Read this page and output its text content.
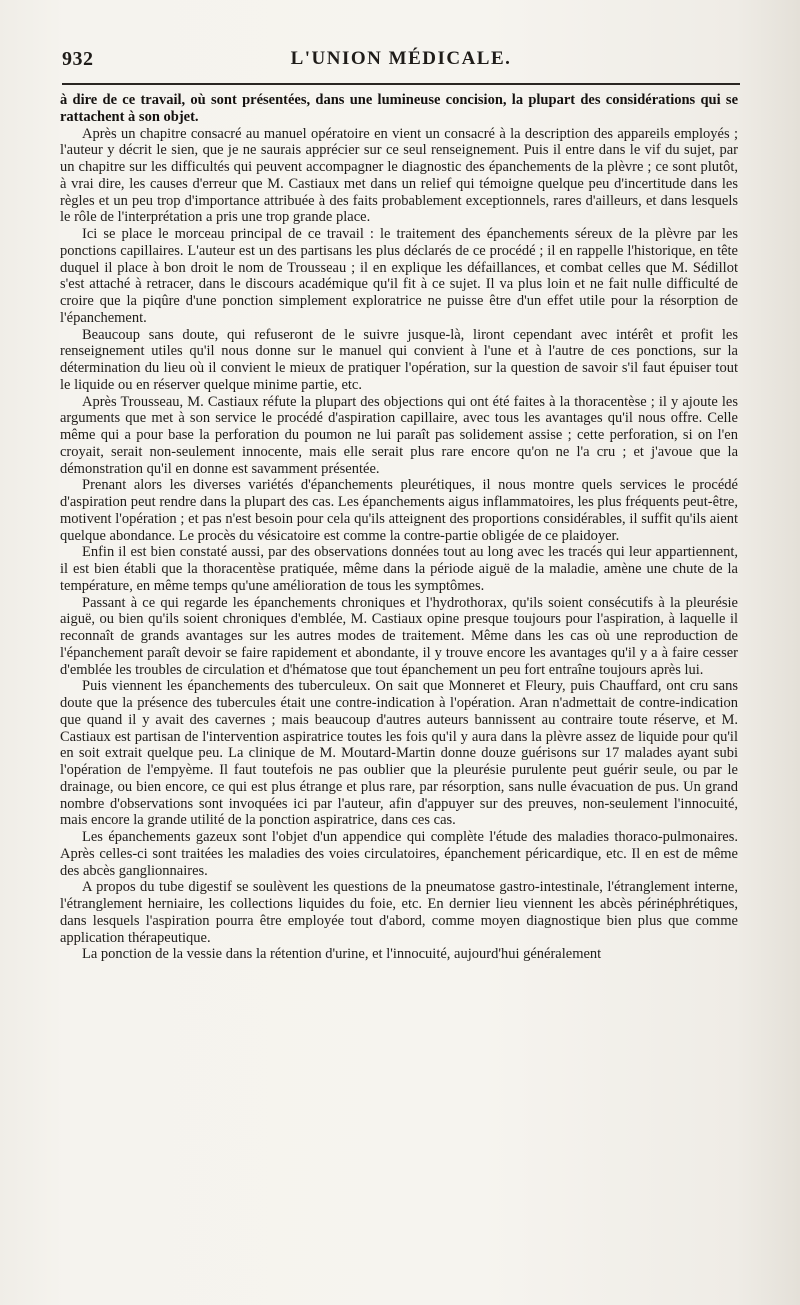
932	L'UNION MÉDICALE.

à dire de ce travail, où sont présentées, dans une lumineuse concision, la plupart des considérations qui se rattachent à son objet.

Après un chapitre consacré au manuel opératoire en vient un consacré à la description des appareils employés ; l'auteur y décrit le sien, que je ne saurais apprécier sur ce seul renseignement. Puis il entre dans le vif du sujet, par un chapitre sur les difficultés qui peuvent accompagner le diagnostic des épanchements de la plèvre ; ce sont plutôt, à vrai dire, les causes d'erreur que M. Castiaux met dans un relief qui témoigne quelque peu d'incertitude dans les règles et un peu trop d'importance attribuée à des faits probablement exceptionnels, rares d'ailleurs, et dans lesquels le rôle de l'interprétation a pris une trop grande place.

Ici se place le morceau principal de ce travail : le traitement des épanchements séreux de la plèvre par les ponctions capillaires. L'auteur est un des partisans les plus déclarés de ce procédé ; il en rappelle l'historique, en tête duquel il place à bon droit le nom de Trousseau ; il en explique les défaillances, et combat celles que M. Sédillot s'est attaché à retracer, dans le discours académique qu'il fit à ce sujet. Il va plus loin et ne fait nulle difficulté de croire que la piqûre d'une ponction simplement exploratrice ne puisse être d'un effet utile pour la résorption de l'épanchement.

Beaucoup sans doute, qui refuseront de le suivre jusque-là, liront cependant avec intérêt et profit les renseignement utiles qu'il nous donne sur le manuel qui convient à l'une et à l'autre de ces ponctions, sur la détermination du lieu où il convient le mieux de pratiquer l'opération, sur la question de savoir s'il faut épuiser tout le liquide ou en réserver quelque minime partie, etc.

Après Trousseau, M. Castiaux réfute la plupart des objections qui ont été faites à la thoracentèse ; il y ajoute les arguments que met à son service le procédé d'aspiration capillaire, avec tous les avantages qu'il nous offre. Celle même qui a pour base la perforation du poumon ne lui paraît pas solidement assise ; cette perforation, si on l'en croyait, serait non-seulement innocente, mais elle serait plus rare encore qu'on ne l'a cru ; et j'avoue que la démonstration qu'il en donne est savamment présentée.

Prenant alors les diverses variétés d'épanchements pleurétiques, il nous montre quels services le procédé d'aspiration peut rendre dans la plupart des cas. Les épanchements aigus inflammatoires, les plus fréquents peut-être, motivent l'opération ; et pas n'est besoin pour cela qu'ils atteignent des proportions considérables, il suffit qu'ils aient quelque abondance. Le procès du vésicatoire est comme la contre-partie obligée de ce plaidoyer.

Enfin il est bien constaté aussi, par des observations données tout au long avec les tracés qui leur appartiennent, il est bien établi que la thoracentèse pratiquée, même dans la période aiguë de la maladie, amène une chute de la température, en même temps qu'une amélioration de tous les symptômes.

Passant à ce qui regarde les épanchements chroniques et l'hydrothorax, qu'ils soient consécutifs à la pleurésie aiguë, ou bien qu'ils soient chroniques d'emblée, M. Castiaux opine presque toujours pour l'aspiration, à laquelle il reconnaît de grands avantages sur les autres modes de traitement. Même dans les cas où une reproduction de l'épanchement paraît devoir se faire rapidement et abondante, il y trouve encore les avantages qu'il y a à faire cesser d'emblée les troubles de circulation et d'hématose que tout épanchement un peu fort entraîne toujours après lui.

Puis viennent les épanchements des tuberculeux. On sait que Monneret et Fleury, puis Chauffard, ont cru sans doute que la présence des tubercules était une contre-indication à l'opération. Aran n'admettait de contre-indication que quand il y avait des cavernes ; mais beaucoup d'autres auteurs bannissent au contraire toute réserve, et M. Castiaux est partisan de l'intervention aspiratrice toutes les fois qu'il y aura dans la plèvre assez de liquide pour qu'il en soit extrait quelque peu. La clinique de M. Moutard-Martin donne douze guérisons sur 17 malades ayant subi l'opération de l'empyème. Il faut toutefois ne pas oublier que la pleurésie purulente peut guérir seule, ou par le drainage, ou bien encore, ce qui est plus étrange et plus rare, par résorption, sans nulle évacuation de pus. Un grand nombre d'observations sont invoquées ici par l'auteur, afin d'appuyer sur des preuves, non-seulement l'innocuité, mais encore la grande utilité de la ponction aspiratrice, dans ces cas.

Les épanchements gazeux sont l'objet d'un appendice qui complète l'étude des maladies thoraco-pulmonaires. Après celles-ci sont traitées les maladies des voies circulatoires, épanchement péricardique, etc. Il en est de même des abcès ganglionnaires.

A propos du tube digestif se soulèvent les questions de la pneumatose gastro-intestinale, l'étranglement interne, l'étranglement herniaire, les collections liquides du foie, etc. En dernier lieu viennent les abcès périnéphrétiques, dans lesquels l'aspiration pourra être employée tout d'abord, comme moyen diagnostique bien plus que comme application thérapeutique.

La ponction de la vessie dans la rétention d'urine, et l'innocuité, aujourd'hui généralement
